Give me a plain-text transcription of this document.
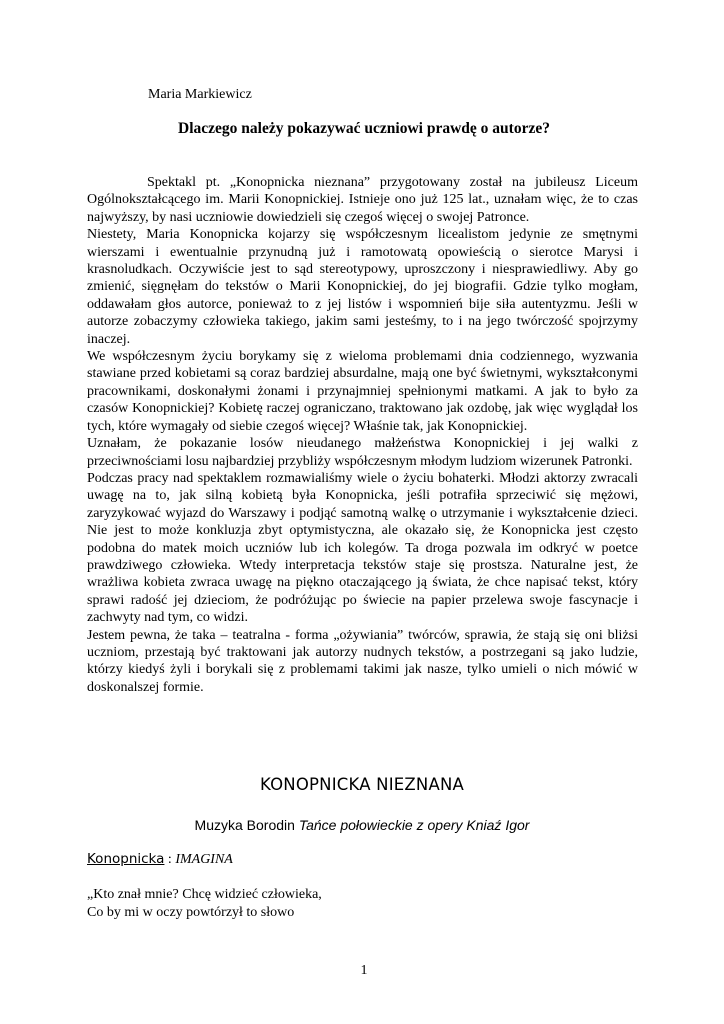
Maria Markiewicz
Dlaczego należy pokazywać uczniowi prawdę o autorze?

Spektakl pt. „Konopnicka nieznana” przygotowany został na jubileusz Liceum Ogólnokształcącego im. Marii Konopnickiej. Istnieje ono już 125 lat., uznałam więc, że to czas najwyższy, by nasi uczniowie dowiedzieli się czegoś więcej o swojej Patronce.

Niestety, Maria Konopnicka kojarzy się współczesnym licealistom jedynie ze smętnymi wierszami i ewentualnie przynudną już i ramotowatą opowieścią o sierotce Marysi i krasnoludkach. Oczywiście jest to sąd stereotypowy, uproszczony i niesprawiedliwy. Aby go zmienić, sięgnęłam do tekstów o Marii Konopnickiej, do jej biografii. Gdzie tylko mogłam, oddawałam głos autorce, ponieważ to z jej listów i wspomnień bije siła autentyzmu. Jeśli w autorze zobaczymy człowieka takiego, jakim sami jesteśmy, to i na jego twórczość spojrzymy inaczej.

We współczesnym życiu borykamy się z wieloma problemami dnia codziennego, wyzwania stawiane przed kobietami są coraz bardziej absurdalne, mają one być świetnymi, wykształconymi pracownikami, doskonałymi żonami i przynajmniej spełnionymi matkami. A jak to było za czasów Konopnickiej? Kobietę raczej ograniczano, traktowano jak ozdobę, jak więc wyglądał los tych, które wymagały od siebie czegoś więcej? Właśnie tak, jak Konopnickiej.

Uznałam, że pokazanie losów nieudanego małżeństwa Konopnickiej i jej walki z przeciwnościami losu najbardziej przybliży współczesnym młodym ludziom wizerunek Patronki.

Podczas pracy nad spektaklem rozmawialiśmy wiele o życiu bohaterki. Młodzi aktorzy zwracali uwagę na to, jak silną kobietą była Konopnicka, jeśli potrafiła sprzeciwić się mężowi, zaryzykować wyjazd do Warszawy i podjąć samotną walkę o utrzymanie i wykształcenie dzieci. Nie jest to może konkluzja zbyt optymistyczna, ale okazało się, że Konopnicka jest często podobna do matek moich uczniów lub ich kolegów. Ta droga pozwala im odkryć w poetce prawdziwego człowieka. Wtedy interpretacja tekstów staje się prostsza. Naturalne jest, że wrażliwa kobieta zwraca uwagę na piękno otaczającego ją świata, że chce napisać tekst, który sprawi radość jej dzieciom, że podróżując po świecie na papier przelewa swoje fascynacje i zachwyty nad tym, co widzi.

Jestem pewna, że taka – teatralna - forma „ożywiania” twórców, sprawia, że stają się oni bliżsi uczniom, przestają być traktowani jak autorzy nudnych tekstów, a postrzegani są jako ludzie, którzy kiedyś żyli i borykali się z problemami takimi jak nasze, tylko umieli o nich mówić w doskonalszej formie.

KONOPNICKA NIEZNANA
Muzyka Borodin Tańce połowieckie z opery Kniaź Igor
Konopnicka : IMAGINA
„Kto znał mnie? Chcę widzieć człowieka,
Co by mi w oczy powtórzył to słowo
1
